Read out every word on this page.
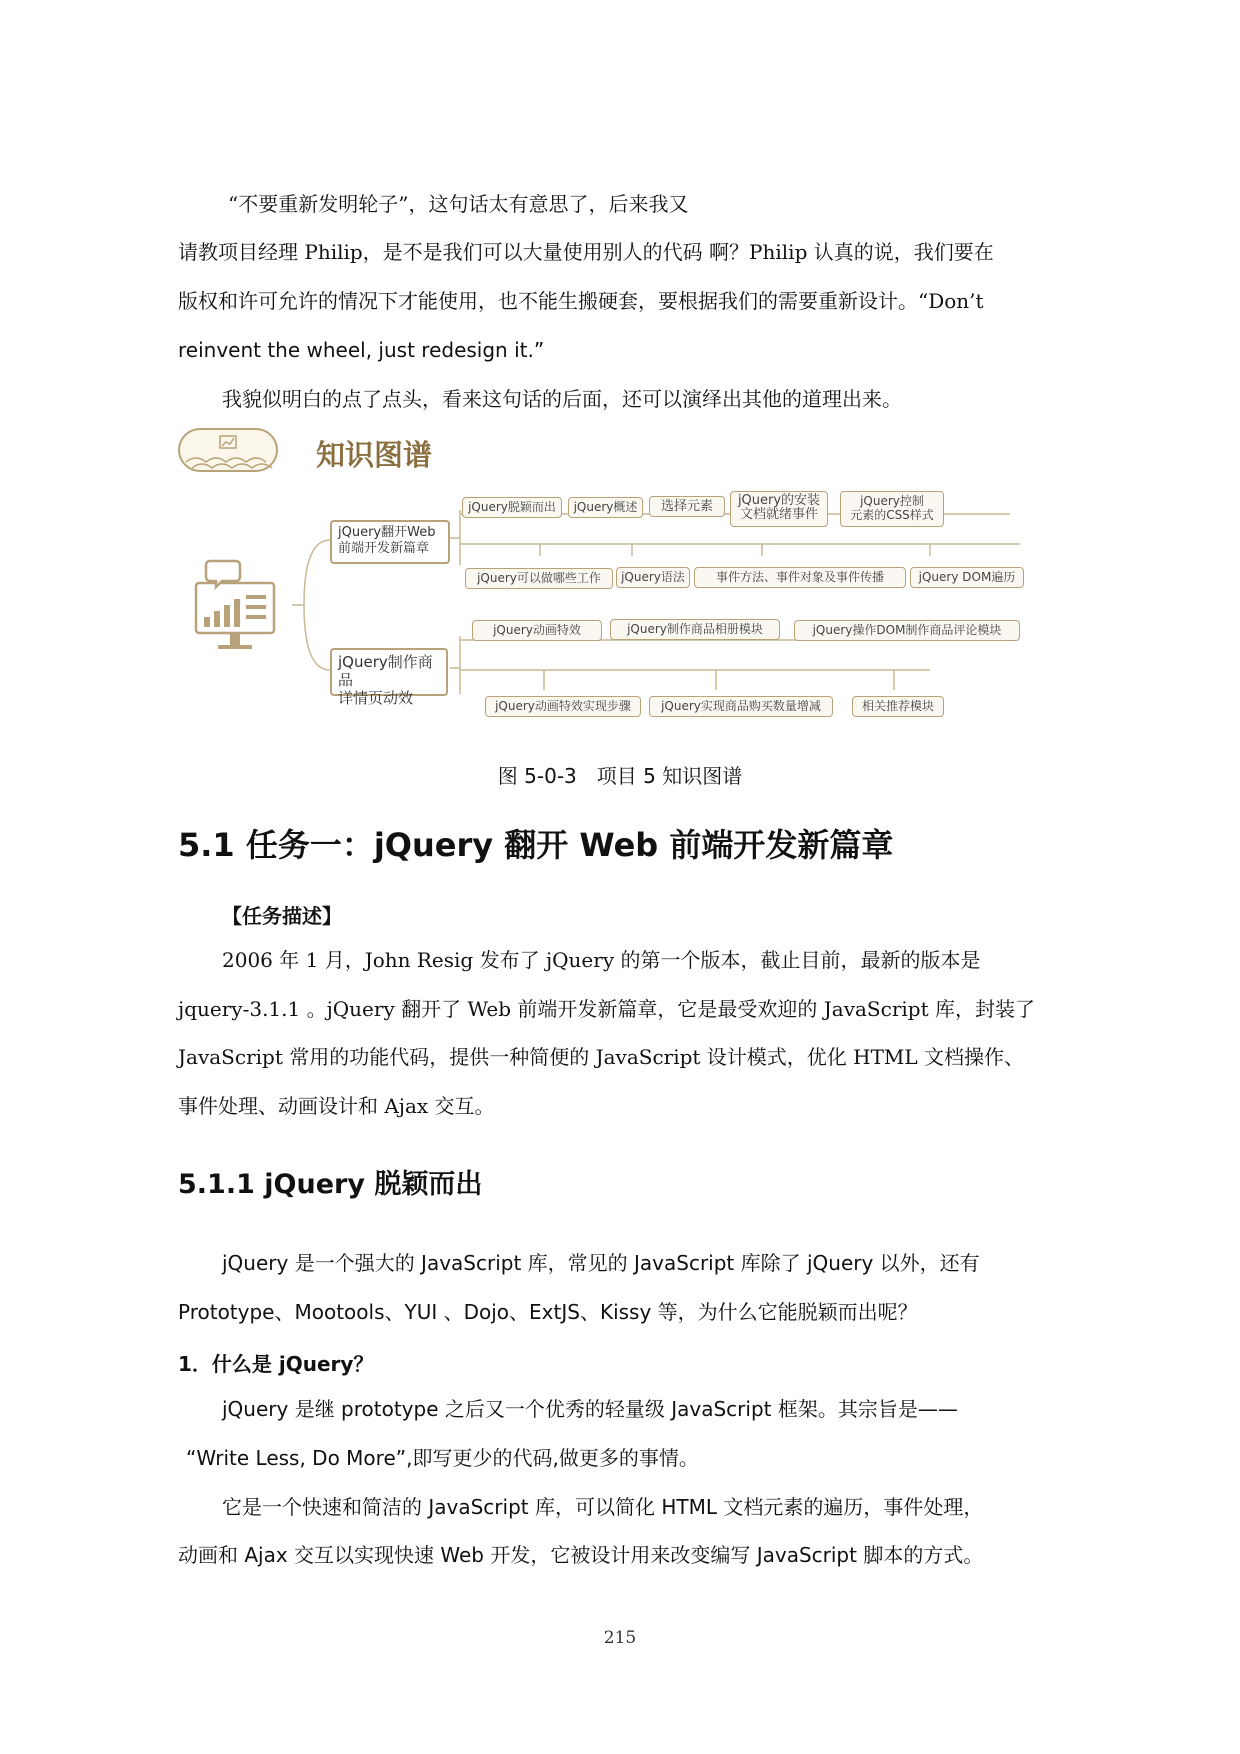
“不要重新发明轮子”，这句话太有意思了，后来我又

请教项目经理 Philip，是不是我们可以大量使用别人的代码 啊？Philip 认真的说，我们要在

版权和许可允许的情况下才能使用，也不能生搬硬套，要根据我们的需要重新设计。“Don’t

reinvent the wheel, just redesign it.”

我貌似明白的点了点头，看来这句话的后面，还可以演绎出其他的道理出来。

知识图谱
jQuery翻开Web
前端开发新篇章
jQuery脱颖而出	jQuery概述	选择元素	jQuery的安装
文档就绪事件
jQuery控制
元素的CSS样式
jQuery可以做哪些工作	jQuery语法	事件方法、事件对象及事件传播	jQuery DOM遍历
jQuery制作商品
详情页动效
jQuery动画特效	jQuery制作商品相册模块	jQuery操作DOM制作商品评论模块
jQuery动画特效实现步骤	jQuery实现商品购买数量增减	相关推荐模块
图 5-0-3　项目 5 知识图谱
5.1 任务一：jQuery 翻开 Web 前端开发新篇章
【任务描述】

2006 年 1 月，John Resig 发布了 jQuery 的第一个版本，截止目前，最新的版本是

jquery-3.1.1 。jQuery 翻开了 Web 前端开发新篇章，它是最受欢迎的 JavaScript 库，封装了

JavaScript 常用的功能代码，提供一种简便的 JavaScript 设计模式，优化 HTML 文档操作、

事件处理、动画设计和 Ajax 交互。

5.1.1 jQuery 脱颖而出

jQuery 是一个强大的 JavaScript 库，常见的 JavaScript 库除了 jQuery 以外，还有

Prototype、Mootools、YUI 、Dojo、ExtJS、Kissy 等，为什么它能脱颖而出呢？

1．什么是 jQuery？

jQuery 是继 prototype 之后又一个优秀的轻量级 JavaScript 框架。其宗旨是——

“Write Less, Do More”,即写更少的代码,做更多的事情。

它是一个快速和简洁的 JavaScript 库，可以简化 HTML 文档元素的遍历，事件处理，

动画和 Ajax 交互以实现快速 Web 开发，它被设计用来改变编写 JavaScript 脚本的方式。

215
